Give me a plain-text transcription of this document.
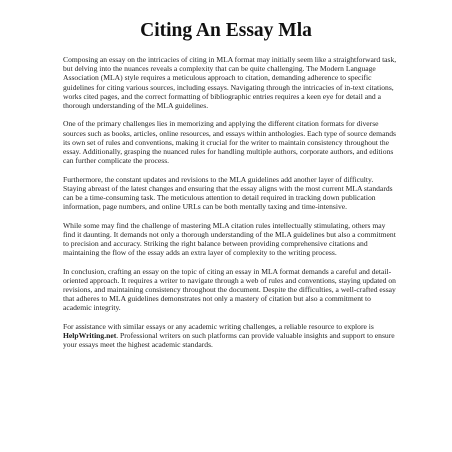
Citing An Essay Mla

Composing an essay on the intricacies of citing in MLA format may initially seem like a straightforward task, but delving into the nuances reveals a complexity that can be quite challenging. The Modern Language Association (MLA) style requires a meticulous approach to citation, demanding adherence to specific guidelines for citing various sources, including essays. Navigating through the intricacies of in-text citations, works cited pages, and the correct formatting of bibliographic entries requires a keen eye for detail and a thorough understanding of the MLA guidelines.

One of the primary challenges lies in memorizing and applying the different citation formats for diverse sources such as books, articles, online resources, and essays within anthologies. Each type of source demands its own set of rules and conventions, making it crucial for the writer to maintain consistency throughout the essay. Additionally, grasping the nuanced rules for handling multiple authors, corporate authors, and editions can further complicate the process.

Furthermore, the constant updates and revisions to the MLA guidelines add another layer of difficulty. Staying abreast of the latest changes and ensuring that the essay aligns with the most current MLA standards can be a time-consuming task. The meticulous attention to detail required in tracking down publication information, page numbers, and online URLs can be both mentally taxing and time-intensive.

While some may find the challenge of mastering MLA citation rules intellectually stimulating, others may find it daunting. It demands not only a thorough understanding of the MLA guidelines but also a commitment to precision and accuracy. Striking the right balance between providing comprehensive citations and maintaining the flow of the essay adds an extra layer of complexity to the writing process.

In conclusion, crafting an essay on the topic of citing an essay in MLA format demands a careful and detail-oriented approach. It requires a writer to navigate through a web of rules and conventions, staying updated on revisions, and maintaining consistency throughout the document. Despite the difficulties, a well-crafted essay that adheres to MLA guidelines demonstrates not only a mastery of citation but also a commitment to academic integrity.

For assistance with similar essays or any academic writing challenges, a reliable resource to explore is HelpWriting.net. Professional writers on such platforms can provide valuable insights and support to ensure your essays meet the highest academic standards.
